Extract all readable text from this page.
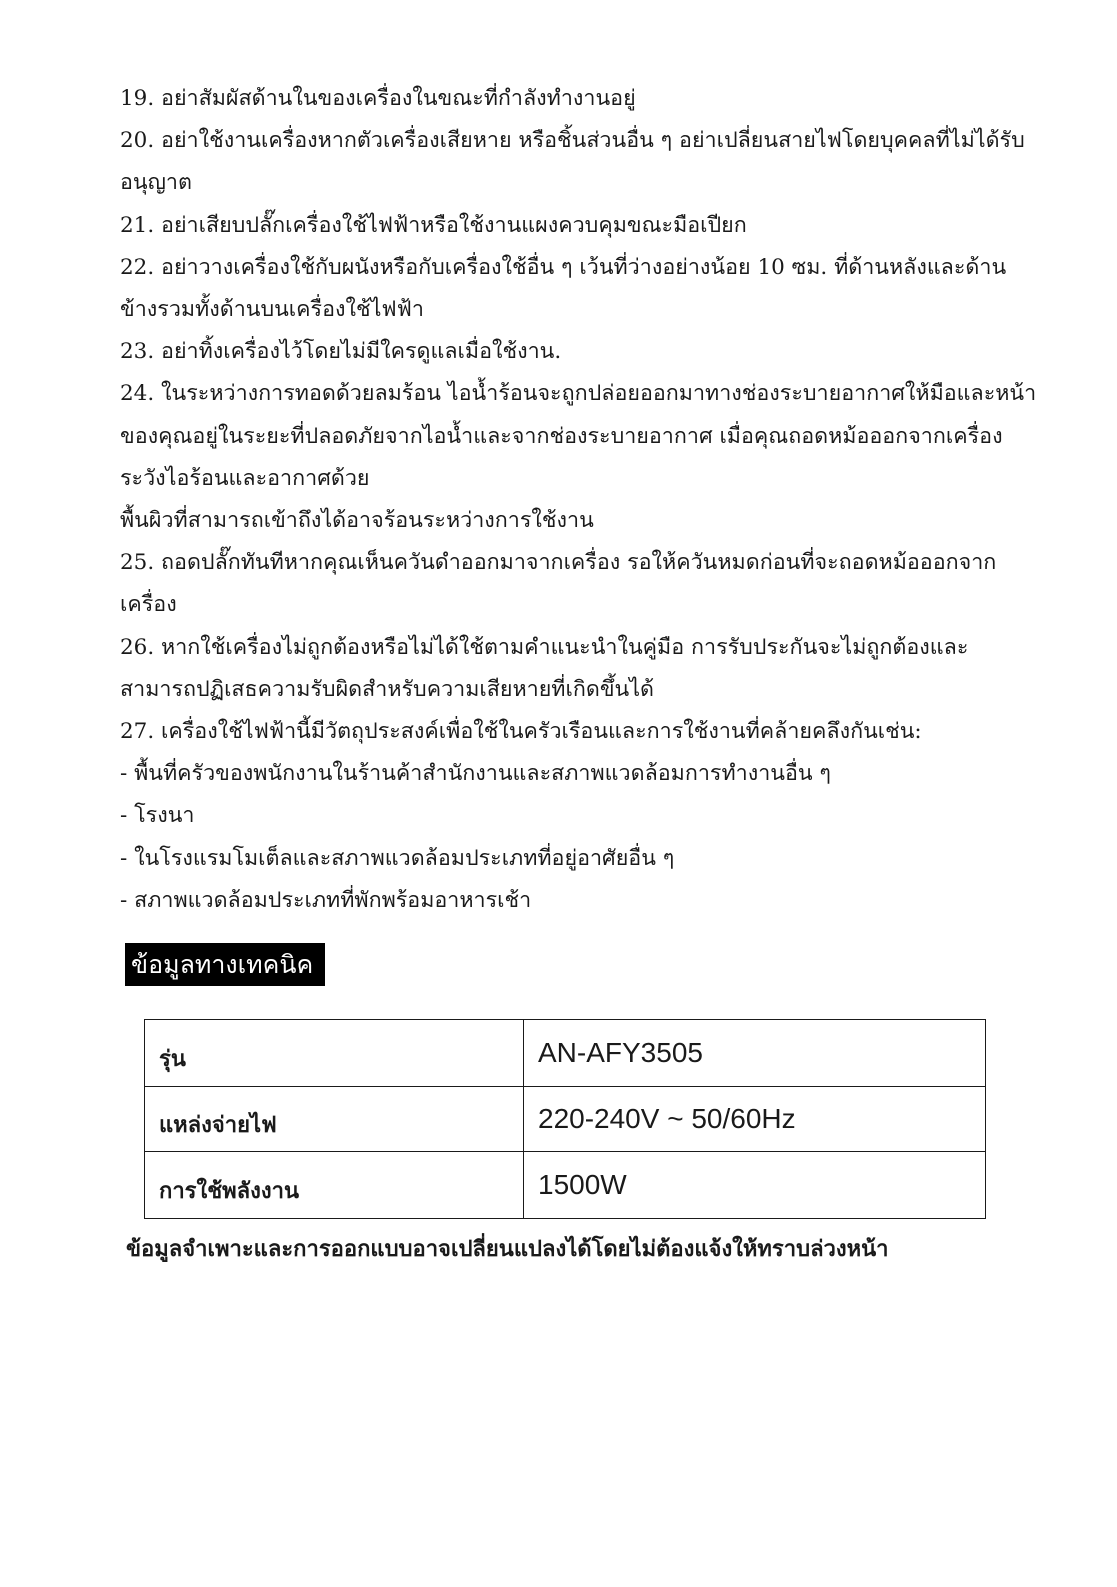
19. อย่าสัมผัสด้านในของเครื่องในขณะที่กำลังทำงานอยู่
20. อย่าใช้งานเครื่องหากตัวเครื่องเสียหาย หรือชิ้นส่วนอื่น ๆ อย่าเปลี่ยนสายไฟโดยบุคคลที่ไม่ได้รับอนุญาต
21. อย่าเสียบปลั๊กเครื่องใช้ไฟฟ้าหรือใช้งานแผงควบคุมขณะมือเปียก
22. อย่าวางเครื่องใช้กับผนังหรือกับเครื่องใช้อื่น ๆ เว้นที่ว่างอย่างน้อย 10 ซม. ที่ด้านหลังและด้านข้างรวมทั้งด้านบนเครื่องใช้ไฟฟ้า
23. อย่าทิ้งเครื่องไว้โดยไม่มีใครดูแลเมื่อใช้งาน.
24. ในระหว่างการทอดด้วยลมร้อน ไอน้ำร้อนจะถูกปล่อยออกมาทางช่องระบายอากาศให้มือและหน้าของคุณอยู่ในระยะที่ปลอดภัยจากไอน้ำและจากช่องระบายอากาศ เมื่อคุณถอดหม้อออกจากเครื่องระวังไอร้อนและอากาศด้วย
พื้นผิวที่สามารถเข้าถึงได้อาจร้อนระหว่างการใช้งาน
25. ถอดปลั๊กทันทีหากคุณเห็นควันดำออกมาจากเครื่อง รอให้ควันหมดก่อนที่จะถอดหม้อออกจากเครื่อง
26. หากใช้เครื่องไม่ถูกต้องหรือไม่ได้ใช้ตามคำแนะนำในคู่มือ การรับประกันจะไม่ถูกต้องและสามารถปฏิเสธความรับผิดสำหรับความเสียหายที่เกิดขึ้นได้
27. เครื่องใช้ไฟฟ้านี้มีวัตถุประสงค์เพื่อใช้ในครัวเรือนและการใช้งานที่คล้ายคลึงกันเช่น:
- พื้นที่ครัวของพนักงานในร้านค้าสำนักงานและสภาพแวดล้อมการทำงานอื่น ๆ
- โรงนา
- ในโรงแรมโมเต็ลและสภาพแวดล้อมประเภทที่อยู่อาศัยอื่น ๆ
- สภาพแวดล้อมประเภทที่พักพร้อมอาหารเช้า
ข้อมูลทางเทคนิค
รุ่น	AN-AFY3505
แหล่งจ่ายไฟ	220-240V ~ 50/60Hz
การใช้พลังงาน	1500W
ข้อมูลจำเพาะและการออกแบบอาจเปลี่ยนแปลงได้โดยไม่ต้องแจ้งให้ทราบล่วงหน้า
